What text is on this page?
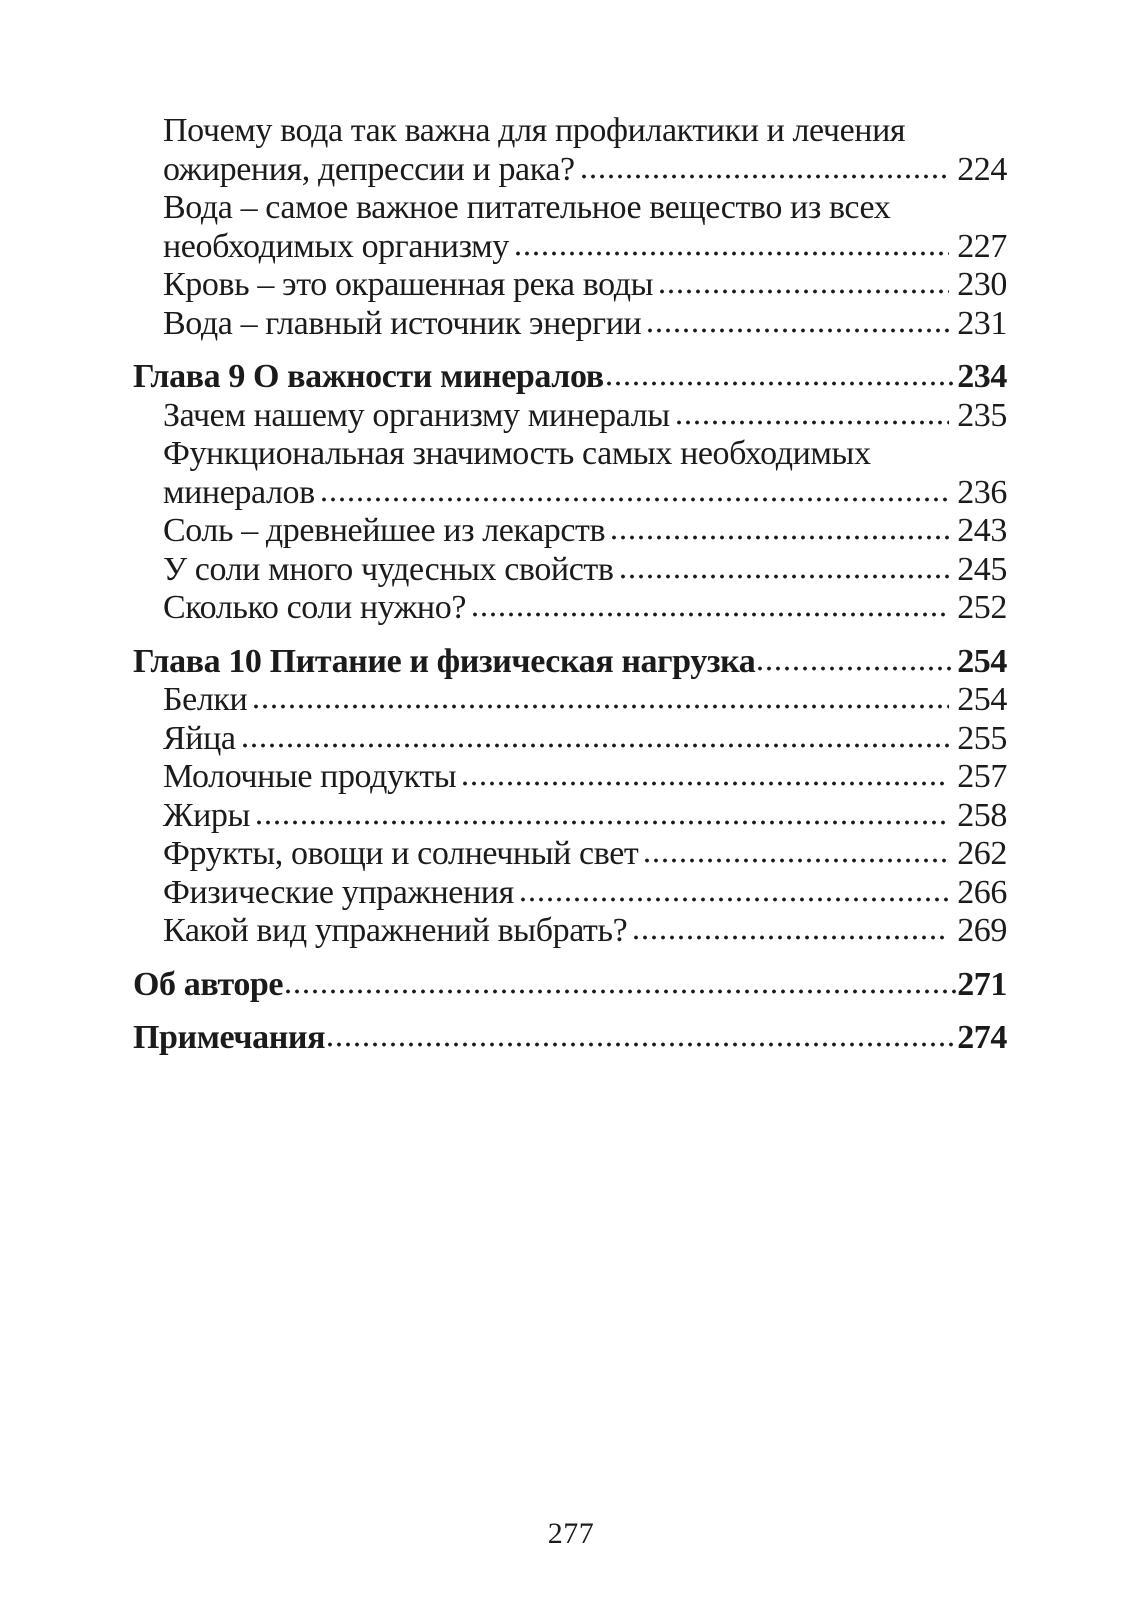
Почему вода так важна для профилактики и лечения
ожирения, депрессии и рака?	224
Вода – самое важное питательное вещество из всех
необходимых организму	227
Кровь – это окрашенная река воды	230
Вода – главный источник энергии	231
Глава 9 О важности минералов	234
Зачем нашему организму минералы	235
Функциональная значимость самых необходимых
минералов	236
Соль – древнейшее из лекарств	243
У соли много чудесных свойств	245
Сколько соли нужно?	252
Глава 10 Питание и физическая нагрузка	254
Белки	254
Яйца	255
Молочные продукты	257
Жиры	258
Фрукты, овощи и солнечный свет	262
Физические упражнения	266
Какой вид упражнений выбрать?	269
Об авторе	271
Примечания	274
277
